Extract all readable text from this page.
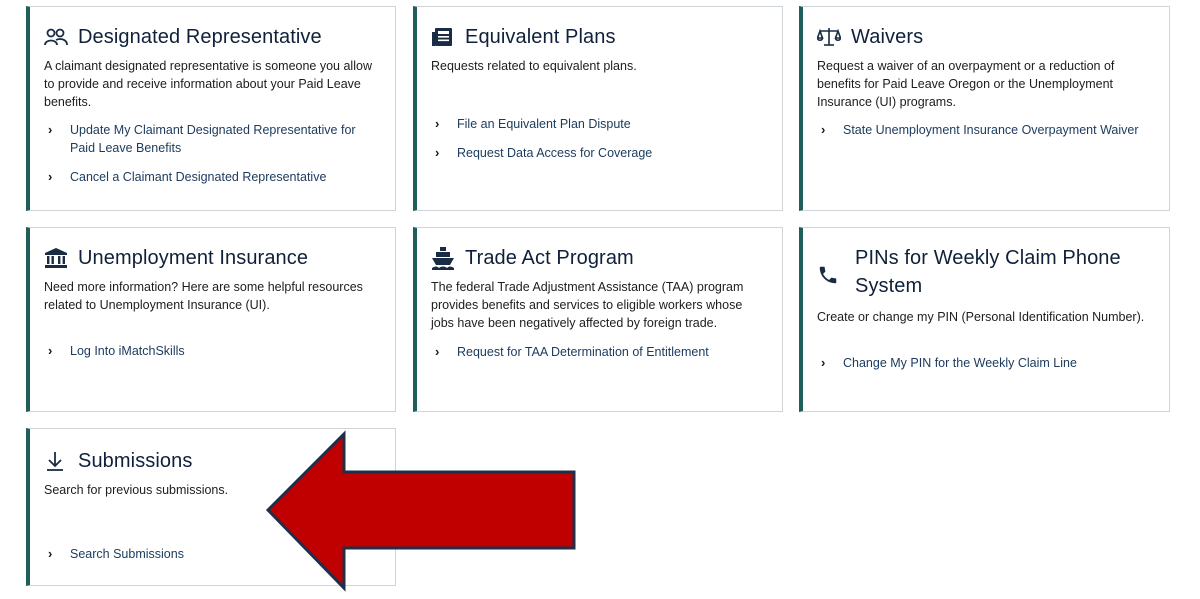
Designated Representative

A claimant designated representative is someone you allow to provide and receive information about your Paid Leave benefits.

›	Update My Claimant Designated Representative for Paid Leave Benefits
›	Cancel a Claimant Designated Representative
Equivalent Plans

Requests related to equivalent plans.

›	File an Equivalent Plan Dispute
›	Request Data Access for Coverage
Waivers

Request a waiver of an overpayment or a reduction of benefits for Paid Leave Oregon or the Unemployment Insurance (UI) programs.

›	State Unemployment Insurance Overpayment Waiver
Unemployment Insurance

Need more information? Here are some helpful resources related to Unemployment Insurance (UI).

›	Log Into iMatchSkills
Trade Act Program

The federal Trade Adjustment Assistance (TAA) program provides benefits and services to eligible workers whose jobs have been negatively affected by foreign trade.

›	Request for TAA Determination of Entitlement
PINs for Weekly Claim Phone System

Create or change my PIN (Personal Identification Number).

›	Change My PIN for the Weekly Claim Line
Submissions

Search for previous submissions.

›	Search Submissions
